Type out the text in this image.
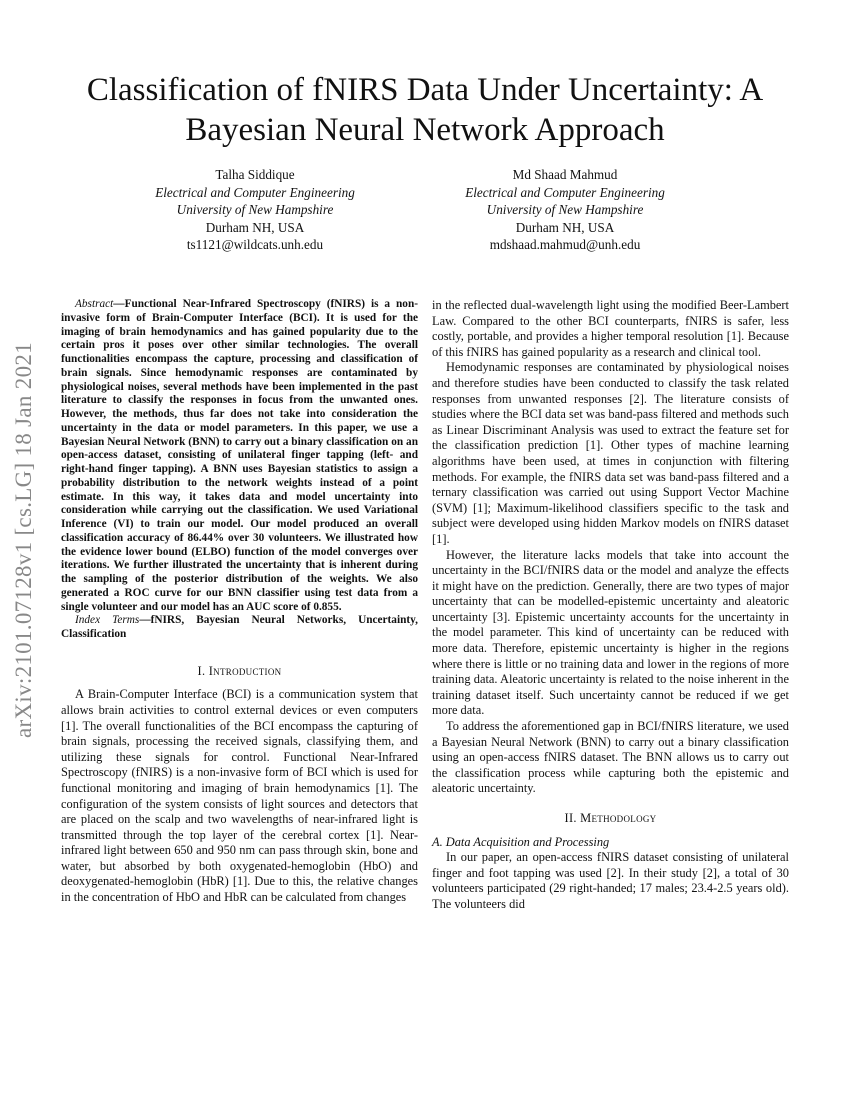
arXiv:2101.07128v1 [cs.LG] 18 Jan 2021
Classification of fNIRS Data Under Uncertainty: A Bayesian Neural Network Approach
Talha Siddique
Electrical and Computer Engineering
University of New Hampshire
Durham NH, USA
ts1121@wildcats.unh.edu
Md Shaad Mahmud
Electrical and Computer Engineering
University of New Hampshire
Durham NH, USA
mdshaad.mahmud@unh.edu

Abstract—Functional Near-Infrared Spectroscopy (fNIRS) is a non-invasive form of Brain-Computer Interface (BCI). It is used for the imaging of brain hemodynamics and has gained popularity due to the certain pros it poses over other similar technologies. The overall functionalities encompass the capture, processing and classification of brain signals. Since hemodynamic responses are contaminated by physiological noises, several methods have been implemented in the past literature to classify the responses in focus from the unwanted ones. However, the methods, thus far does not take into consideration the uncertainty in the data or model parameters. In this paper, we use a Bayesian Neural Network (BNN) to carry out a binary classification on an open-access dataset, consisting of unilateral finger tapping (left- and right-hand finger tapping). A BNN uses Bayesian statistics to assign a probability distribution to the network weights instead of a point estimate. In this way, it takes data and model uncertainty into consideration while carrying out the classification. We used Variational Inference (VI) to train our model. Our model produced an overall classification accuracy of 86.44% over 30 volunteers. We illustrated how the evidence lower bound (ELBO) function of the model converges over iterations. We further illustrated the uncertainty that is inherent during the sampling of the posterior distribution of the weights. We also generated a ROC curve for our BNN classifier using test data from a single volunteer and our model has an AUC score of 0.855.

Index Terms—fNIRS, Bayesian Neural Networks, Uncertainty, Classification

I. Introduction

A Brain-Computer Interface (BCI) is a communication system that allows brain activities to control external devices or even computers [1]. The overall functionalities of the BCI encompass the capturing of brain signals, processing the received signals, classifying them, and utilizing these signals for control. Functional Near-Infrared Spectroscopy (fNIRS) is a non-invasive form of BCI which is used for functional monitoring and imaging of brain hemodynamics [1]. The configuration of the system consists of light sources and detectors that are placed on the scalp and two wavelengths of near-infrared light is transmitted through the top layer of the cerebral cortex [1]. Near-infrared light between 650 and 950 nm can pass through skin, bone and water, but absorbed by both oxygenated-hemoglobin (HbO) and deoxygenated-hemoglobin (HbR) [1]. Due to this, the relative changes in the concentration of HbO and HbR can be calculated from changes

in the reflected dual-wavelength light using the modified Beer-Lambert Law. Compared to the other BCI counterparts, fNIRS is safer, less costly, portable, and provides a higher temporal resolution [1]. Because of this fNIRS has gained popularity as a research and clinical tool.

Hemodynamic responses are contaminated by physiological noises and therefore studies have been conducted to classify the task related responses from unwanted responses [2]. The literature consists of studies where the BCI data set was band-pass filtered and methods such as Linear Discriminant Analysis was used to extract the feature set for the classification prediction [1]. Other types of machine learning algorithms have been used, at times in conjunction with filtering methods. For example, the fNIRS data set was band-pass filtered and a ternary classification was carried out using Support Vector Machine (SVM) [1]; Maximum-likelihood classifiers specific to the task and subject were developed using hidden Markov models on fNIRS dataset [1].

However, the literature lacks models that take into account the uncertainty in the BCI/fNIRS data or the model and analyze the effects it might have on the prediction. Generally, there are two types of major uncertainty that can be modelled-epistemic uncertainty and aleatoric uncertainty [3]. Epistemic uncertainty accounts for the uncertainty in the model parameter. This kind of uncertainty can be reduced with more data. Therefore, epistemic uncertainty is higher in the regions where there is little or no training data and lower in the regions of more training data. Aleatoric uncertainty is related to the noise inherent in the training dataset itself. Such uncertainty cannot be reduced if we get more data.

To address the aforementioned gap in BCI/fNIRS literature, we used a Bayesian Neural Network (BNN) to carry out a binary classification using an open-access fNIRS dataset. The BNN allows us to carry out the classification process while capturing both the epistemic and aleatoric uncertainty.

II. Methodology

A. Data Acquisition and Processing

In our paper, an open-access fNIRS dataset consisting of unilateral finger and foot tapping was used [2]. In their study [2], a total of 30 volunteers participated (29 right-handed; 17 males; 23.4-2.5 years old). The volunteers did
